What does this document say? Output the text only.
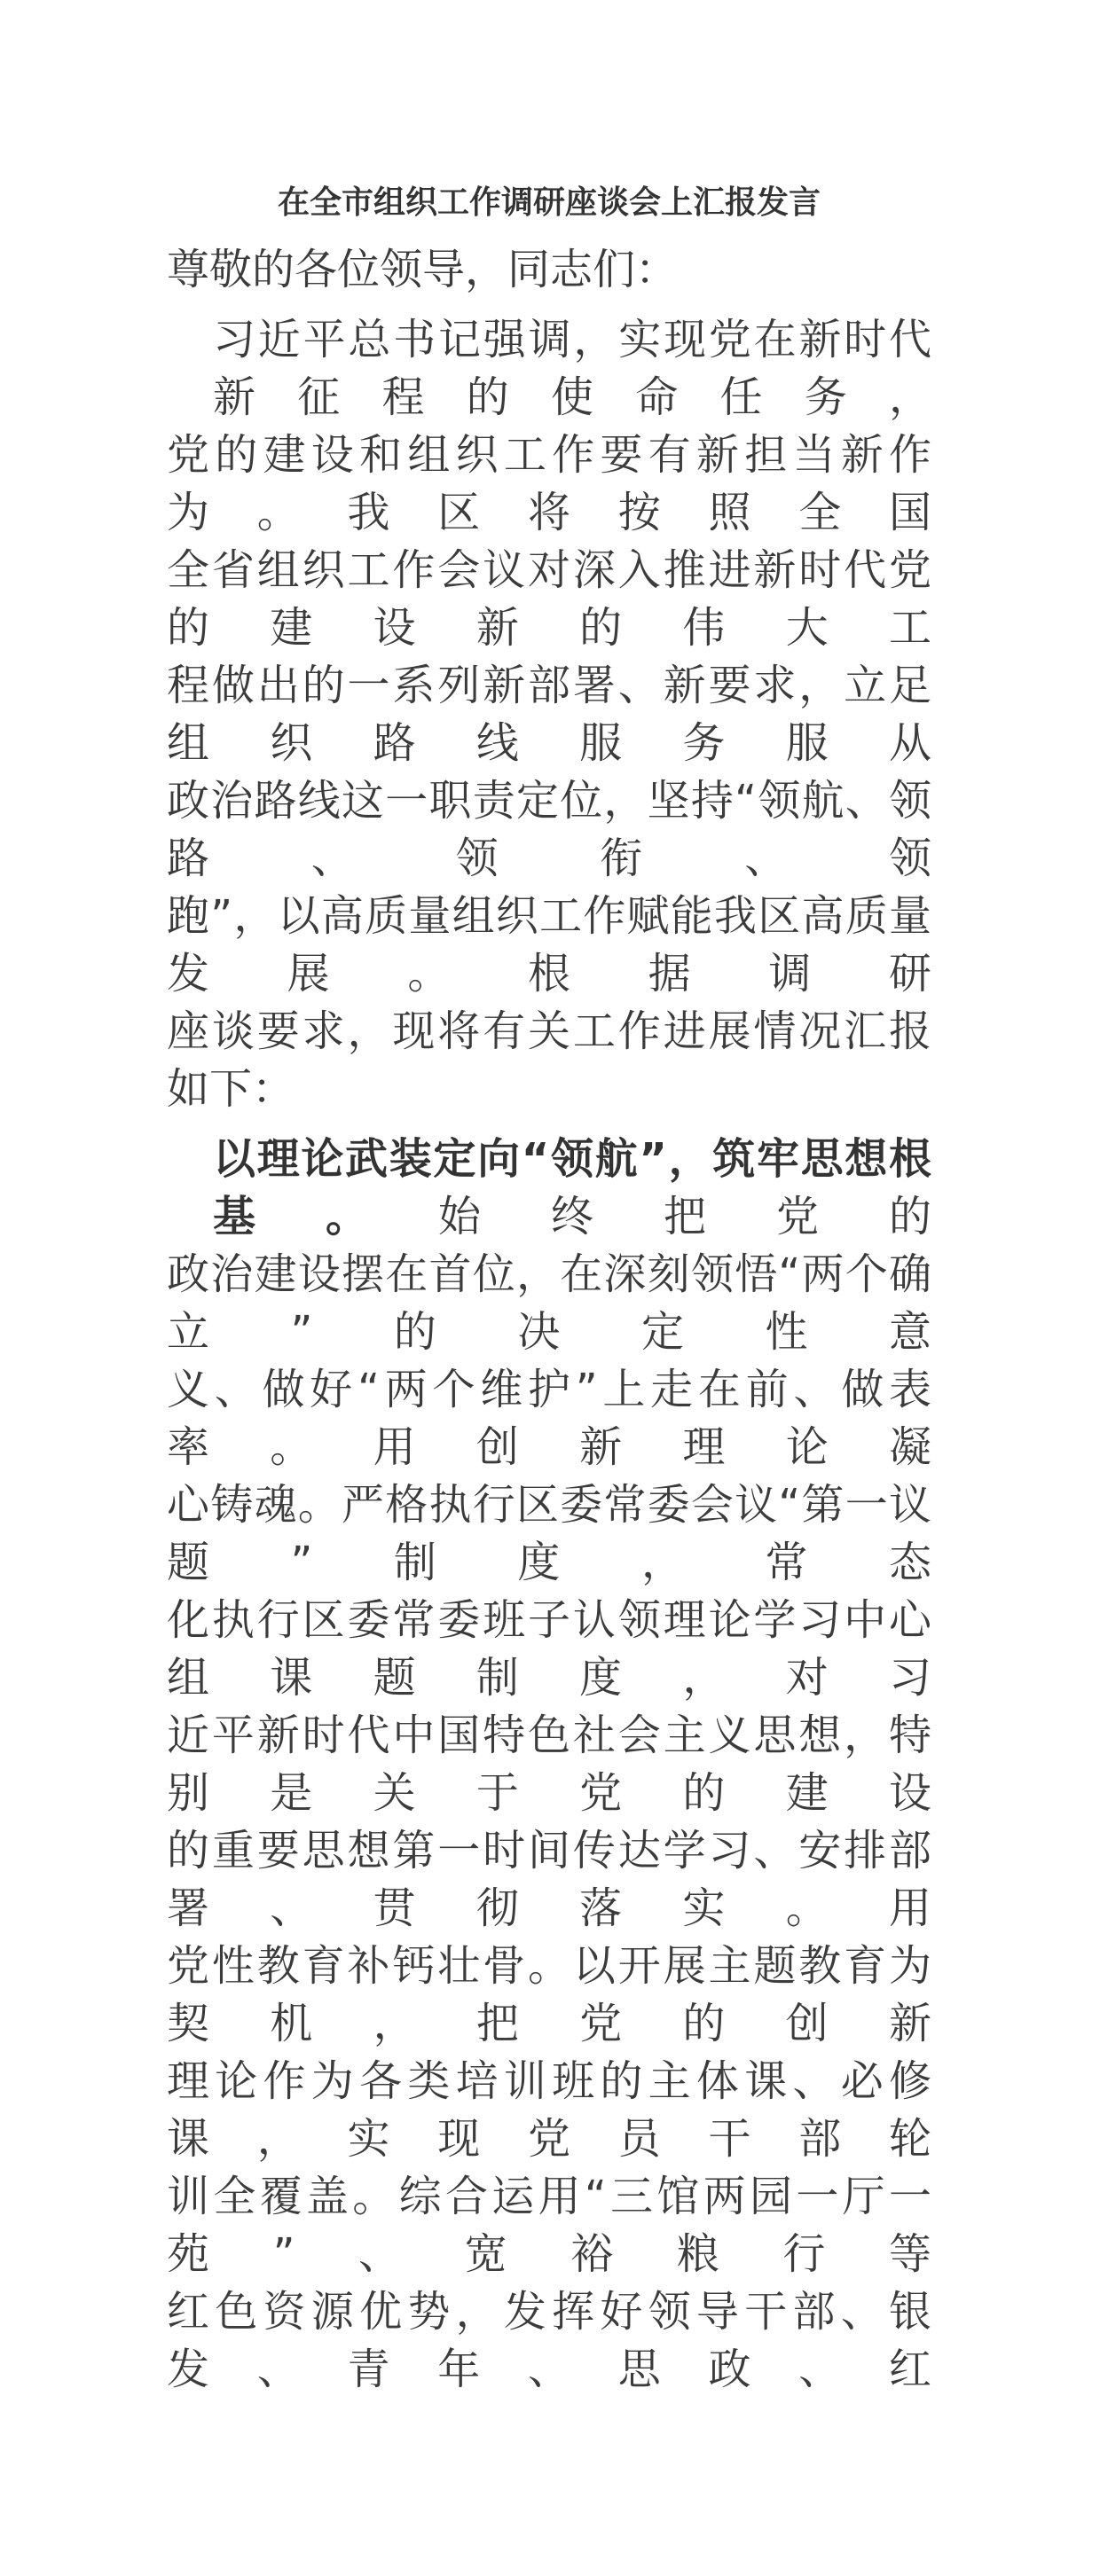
在全市组织工作调研座谈会上汇报发言
尊敬的各位领导，同志们：
习近平总书记强调，实现党在新时代新征程的使命任务，
党的建设和组织工作要有新担当新作为。我区将按照全国
全省组织工作会议对深入推进新时代党的建设新的伟大工
程做出的一系列新部署、新要求，立足组织路线服务服从
政治路线这一职责定位，坚持“领航、领路、领衔、领
跑”，以高质量组织工作赋能我区高质量发展。根据调研
座谈要求，现将有关工作进展情况汇报如下：
以理论武装定向“领航”，筑牢思想根基。始终把党的
政治建设摆在首位，在深刻领悟“两个确立”的决定性意
义、做好“两个维护”上走在前、做表率。用创新理论凝
心铸魂。严格执行区委常委会议“第一议题”制度，常态
化执行区委常委班子认领理论学习中心组课题制度，对习
近平新时代中国特色社会主义思想，特别是关于党的建设
的重要思想第一时间传达学习、安排部署、贯彻落实。用
党性教育补钙壮骨。以开展主题教育为契机，把党的创新
理论作为各类培训班的主体课、必修课，实现党员干部轮
训全覆盖。综合运用“三馆两园一厅一苑”、宽裕粮行等
红色资源优势，发挥好领导干部、银发、青年、思政、红
